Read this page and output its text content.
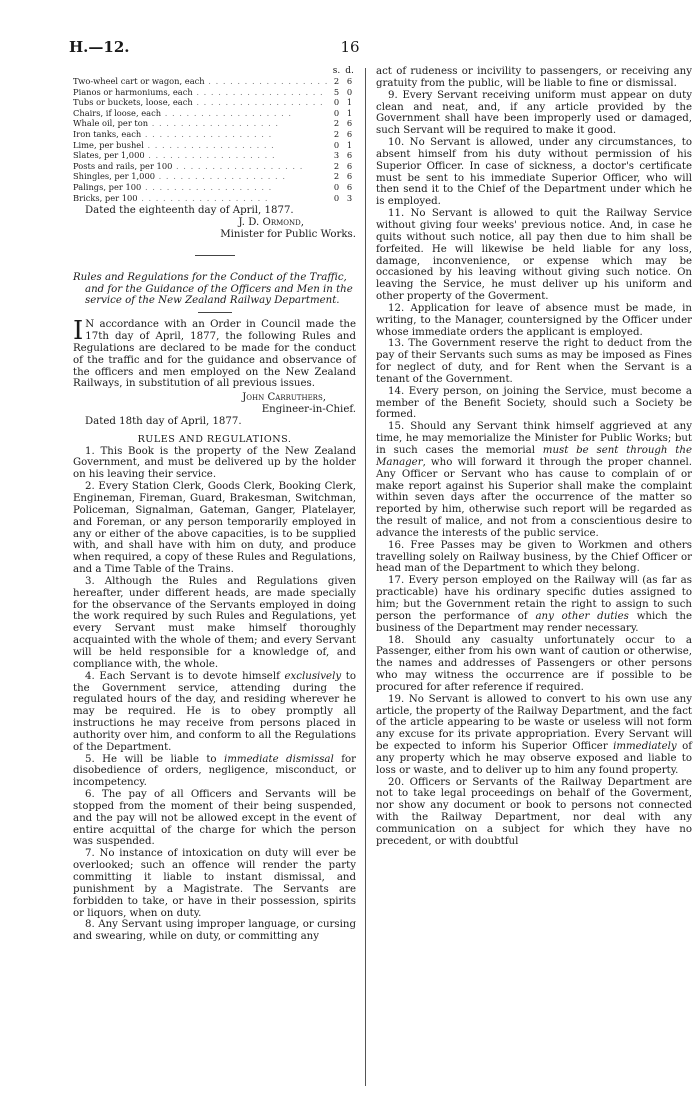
H.—12.	16
s. d.
Two-wheel cart or wagon, each . . .	2 6
Pianos or harmoniums, each . . .	5 0
Tubs or buckets, loose, each . . .	0 1
Chairs, if loose, each . . .	0 1
Whale oil, per ton . . .	2 6
Iron tanks, each . . .	2 6
Lime, per bushel . . .	0 1
Slates, per 1,000 . . .	3 6
Posts and rails, per 100 . . .	2 6
Shingles, per 1,000 . . .	2 6
Palings, per 100 . . .	0 6
Bricks, per 100 . . .	0 3

Dated the eighteenth day of April, 1877.

J. D. Ormond,
Minister for Public Works.

Rules and Regulations for the Conduct of the Traffic, and for the Guidance of the Officers and Men in the service of the New Zealand Railway Department.

I N accordance with an Order in Council made the 17th day of April, 1877, the following Rules and Regulations are declared to be made for the conduct of the traffic and for the guidance and observance of the officers and men employed on the New Zealand Railways, in substitution of all previous issues.

John Carruthers,
Engineer-in-Chief.

Dated 18th day of April, 1877.

RULES AND REGULATIONS.

1. This Book is the property of the New Zealand Government, and must be delivered up by the holder on his leaving their service.

2. Every Station Clerk, Goods Clerk, Booking Clerk, Engineman, Fireman, Guard, Brakesman, Switchman, Policeman, Signalman, Gateman, Ganger, Platelayer, and Foreman, or any person temporarily employed in any or either of the above capacities, is to be supplied with, and shall have with him on duty, and produce when required, a copy of these Rules and Regulations, and a Time Table of the Trains.

3. Although the Rules and Regulations given hereafter, under different heads, are made specially for the observance of the Servants employed in doing the work required by such Rules and Regulations, yet every Servant must make himself thoroughly acquainted with the whole of them; and every Servant will be held responsible for a knowledge of, and compliance with, the whole.

4. Each Servant is to devote himself exclusively to the Government service, attending during the regulated hours of the day, and residing wherever he may be required. He is to obey promptly all instructions he may receive from persons placed in authority over him, and conform to all the Regulations of the Department.

5. He will be liable to immediate dismissal for disobedience of orders, negligence, misconduct, or incompetency.

6. The pay of all Officers and Servants will be stopped from the moment of their being suspended, and the pay will not be allowed except in the event of entire acquittal of the charge for which the person was suspended.

7. No instance of intoxication on duty will ever be overlooked; such an offence will render the party committing it liable to instant dismissal, and punishment by a Magistrate. The Servants are forbidden to take, or have in their possession, spirits or liquors, when on duty.

8. Any Servant using improper language, or cursing and swearing, while on duty, or committing any

act of rudeness or incivility to passengers, or receiving any gratuity from the public, will be liable to fine or dismissal.

9. Every Servant receiving uniform must appear on duty clean and neat, and, if any article provided by the Government shall have been improperly used or damaged, such Servant will be required to make it good.

10. No Servant is allowed, under any circumstances, to absent himself from his duty without permission of his Superior Officer. In case of sickness, a doctor's certificate must be sent to his immediate Superior Officer, who will then send it to the Chief of the Department under which he is employed.

11. No Servant is allowed to quit the Railway Service without giving four weeks' previous notice. And, in case he quits without such notice, all pay then due to him shall be forfeited. He will likewise be held liable for any loss, damage, inconvenience, or expense which may be occasioned by his leaving without giving such notice. On leaving the Service, he must deliver up his uniform and other property of the Goverment.

12. Application for leave of absence must be made, in writing, to the Manager, countersigned by the Officer under whose immediate orders the applicant is employed.

13. The Government reserve the right to deduct from the pay of their Servants such sums as may be imposed as Fines for neglect of duty, and for Rent when the Servant is a tenant of the Government.

14. Every person, on joining the Service, must become a member of the Benefit Society, should such a Society be formed.

15. Should any Servant think himself aggrieved at any time, he may memorialize the Minister for Public Works; but in such cases the memorial must be sent through the Manager, who will forward it through the proper channel. Any Officer or Servant who has cause to complain of or make report against his Superior shall make the complaint within seven days after the occurrence of the matter so reported by him, otherwise such report will be regarded as the result of malice, and not from a conscientious desire to advance the interests of the public service.

16. Free Passes may be given to Workmen and others travelling solely on Railway business, by the Chief Officer or head man of the Department to which they belong.

17. Every person employed on the Railway will (as far as practicable) have his ordinary specific duties assigned to him; but the Government retain the right to assign to such person the performance of any other duties which the business of the Department may render necessary.

18. Should any casualty unfortunately occur to a Passenger, either from his own want of caution or otherwise, the names and addresses of Passengers or other persons who may witness the occurrence are if possible to be procured for after reference if required.

19. No Servant is allowed to convert to his own use any article, the property of the Railway Department, and the fact of the article appearing to be waste or useless will not form any excuse for its private appropriation. Every Servant will be expected to inform his Superior Officer immediately of any property which he may observe exposed and liable to loss or waste, and to deliver up to him any found property.

20. Officers or Servants of the Railway Department are not to take legal proceedings on behalf of the Goverment, nor show any document or book to persons not connected with the Railway Department, nor deal with any communication on a subject for which they have no precedent, or with doubtful
